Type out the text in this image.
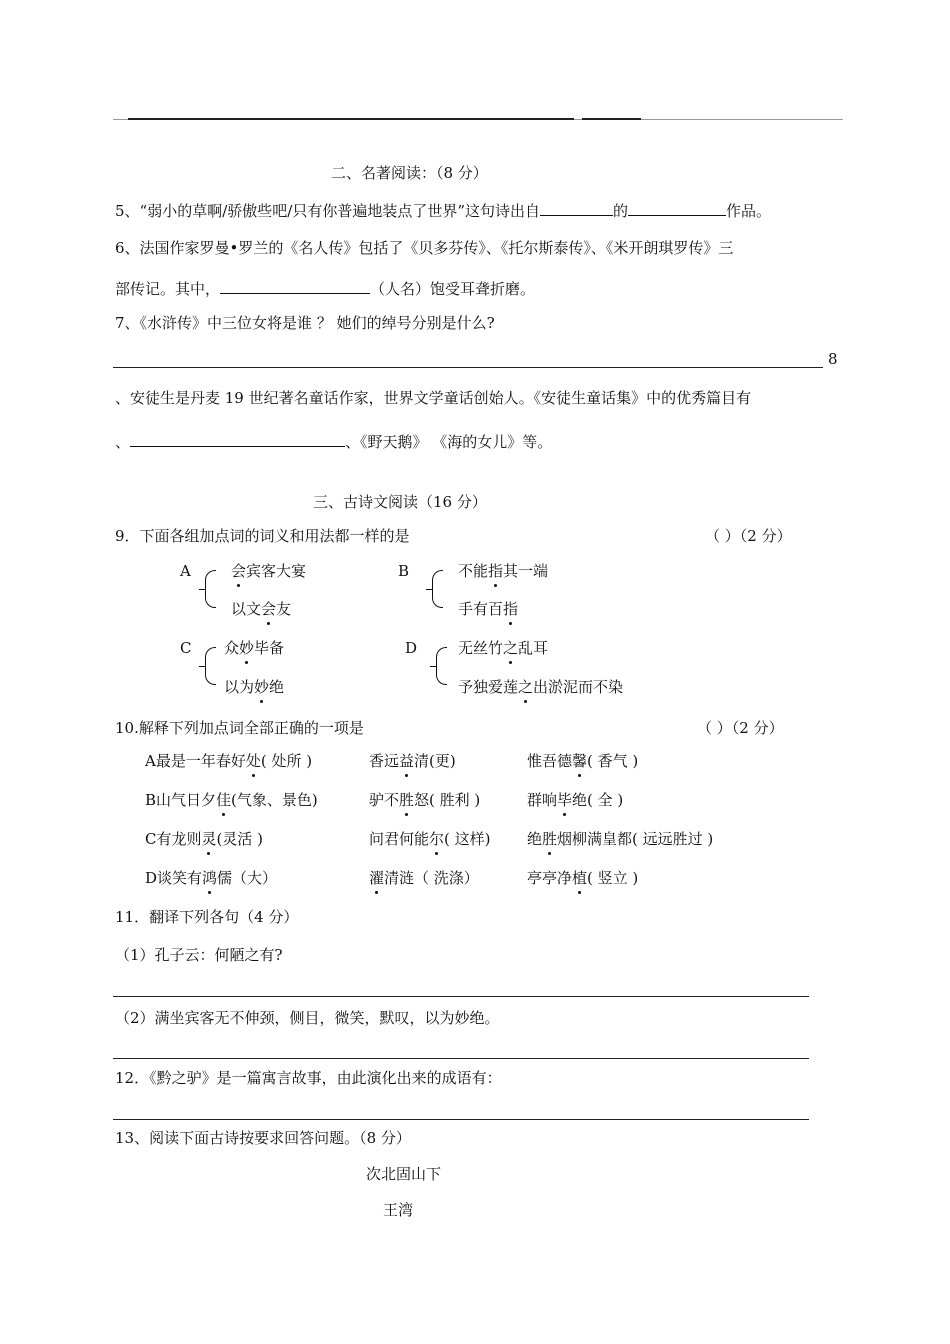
二、名著阅读：（8 分）
5、“弱小的草啊/骄傲些吧/只有你普遍地装点了世界”这句诗出自	的	作品。
6、法国作家罗曼•罗兰的《名人传》包括了《贝多芬传》、《托尔斯泰传》、《米开朗琪罗传》三
部传记。其中，	（人名）饱受耳聋折磨。
7、《水浒传》中三位女将是谁 ？ 她们的绰号分别是什么?
8
、安徒生是丹麦 19 世纪著名童话作家，世界文学童话创始人。《安徒生童话集》中的优秀篇目有
、	、《野天鹅》 《海的女儿》等。
三、古诗文阅读（16 分）
9．下面各组加点词的词义和用法都一样的是	（ ）（2 分）
A	会宾客大宴
以文会友
B	不能指其一端
手有百指
C 众妙毕备
以为妙绝
D	无丝竹之乱耳
予独爱莲之出淤泥而不染
10.解释下列加点词全部正确的一项是	（ ）（2 分）
A最是一年春好处( 处所 )	香远益清(更)	惟吾德馨( 香气 )
B山气日夕佳(气象、景色)	驴不胜怒( 胜利 )	群响毕绝( 全 )
C有龙则灵(灵活 )	问君何能尔( 这样) 绝胜烟柳满皇都( 远远胜过 )
D谈笑有鸿儒（大）	濯清涟（ 洗涤）	亭亭净植( 竖立 )
11．翻译下列各句（4 分）
（1）孔子云：何陋之有?
（2）满坐宾客无不伸颈，侧目，微笑，默叹，以为妙绝。
12．《黔之驴》是一篇寓言故事，由此演化出来的成语有：
13、阅读下面古诗按要求回答问题。（8 分）
次北固山下
王湾
